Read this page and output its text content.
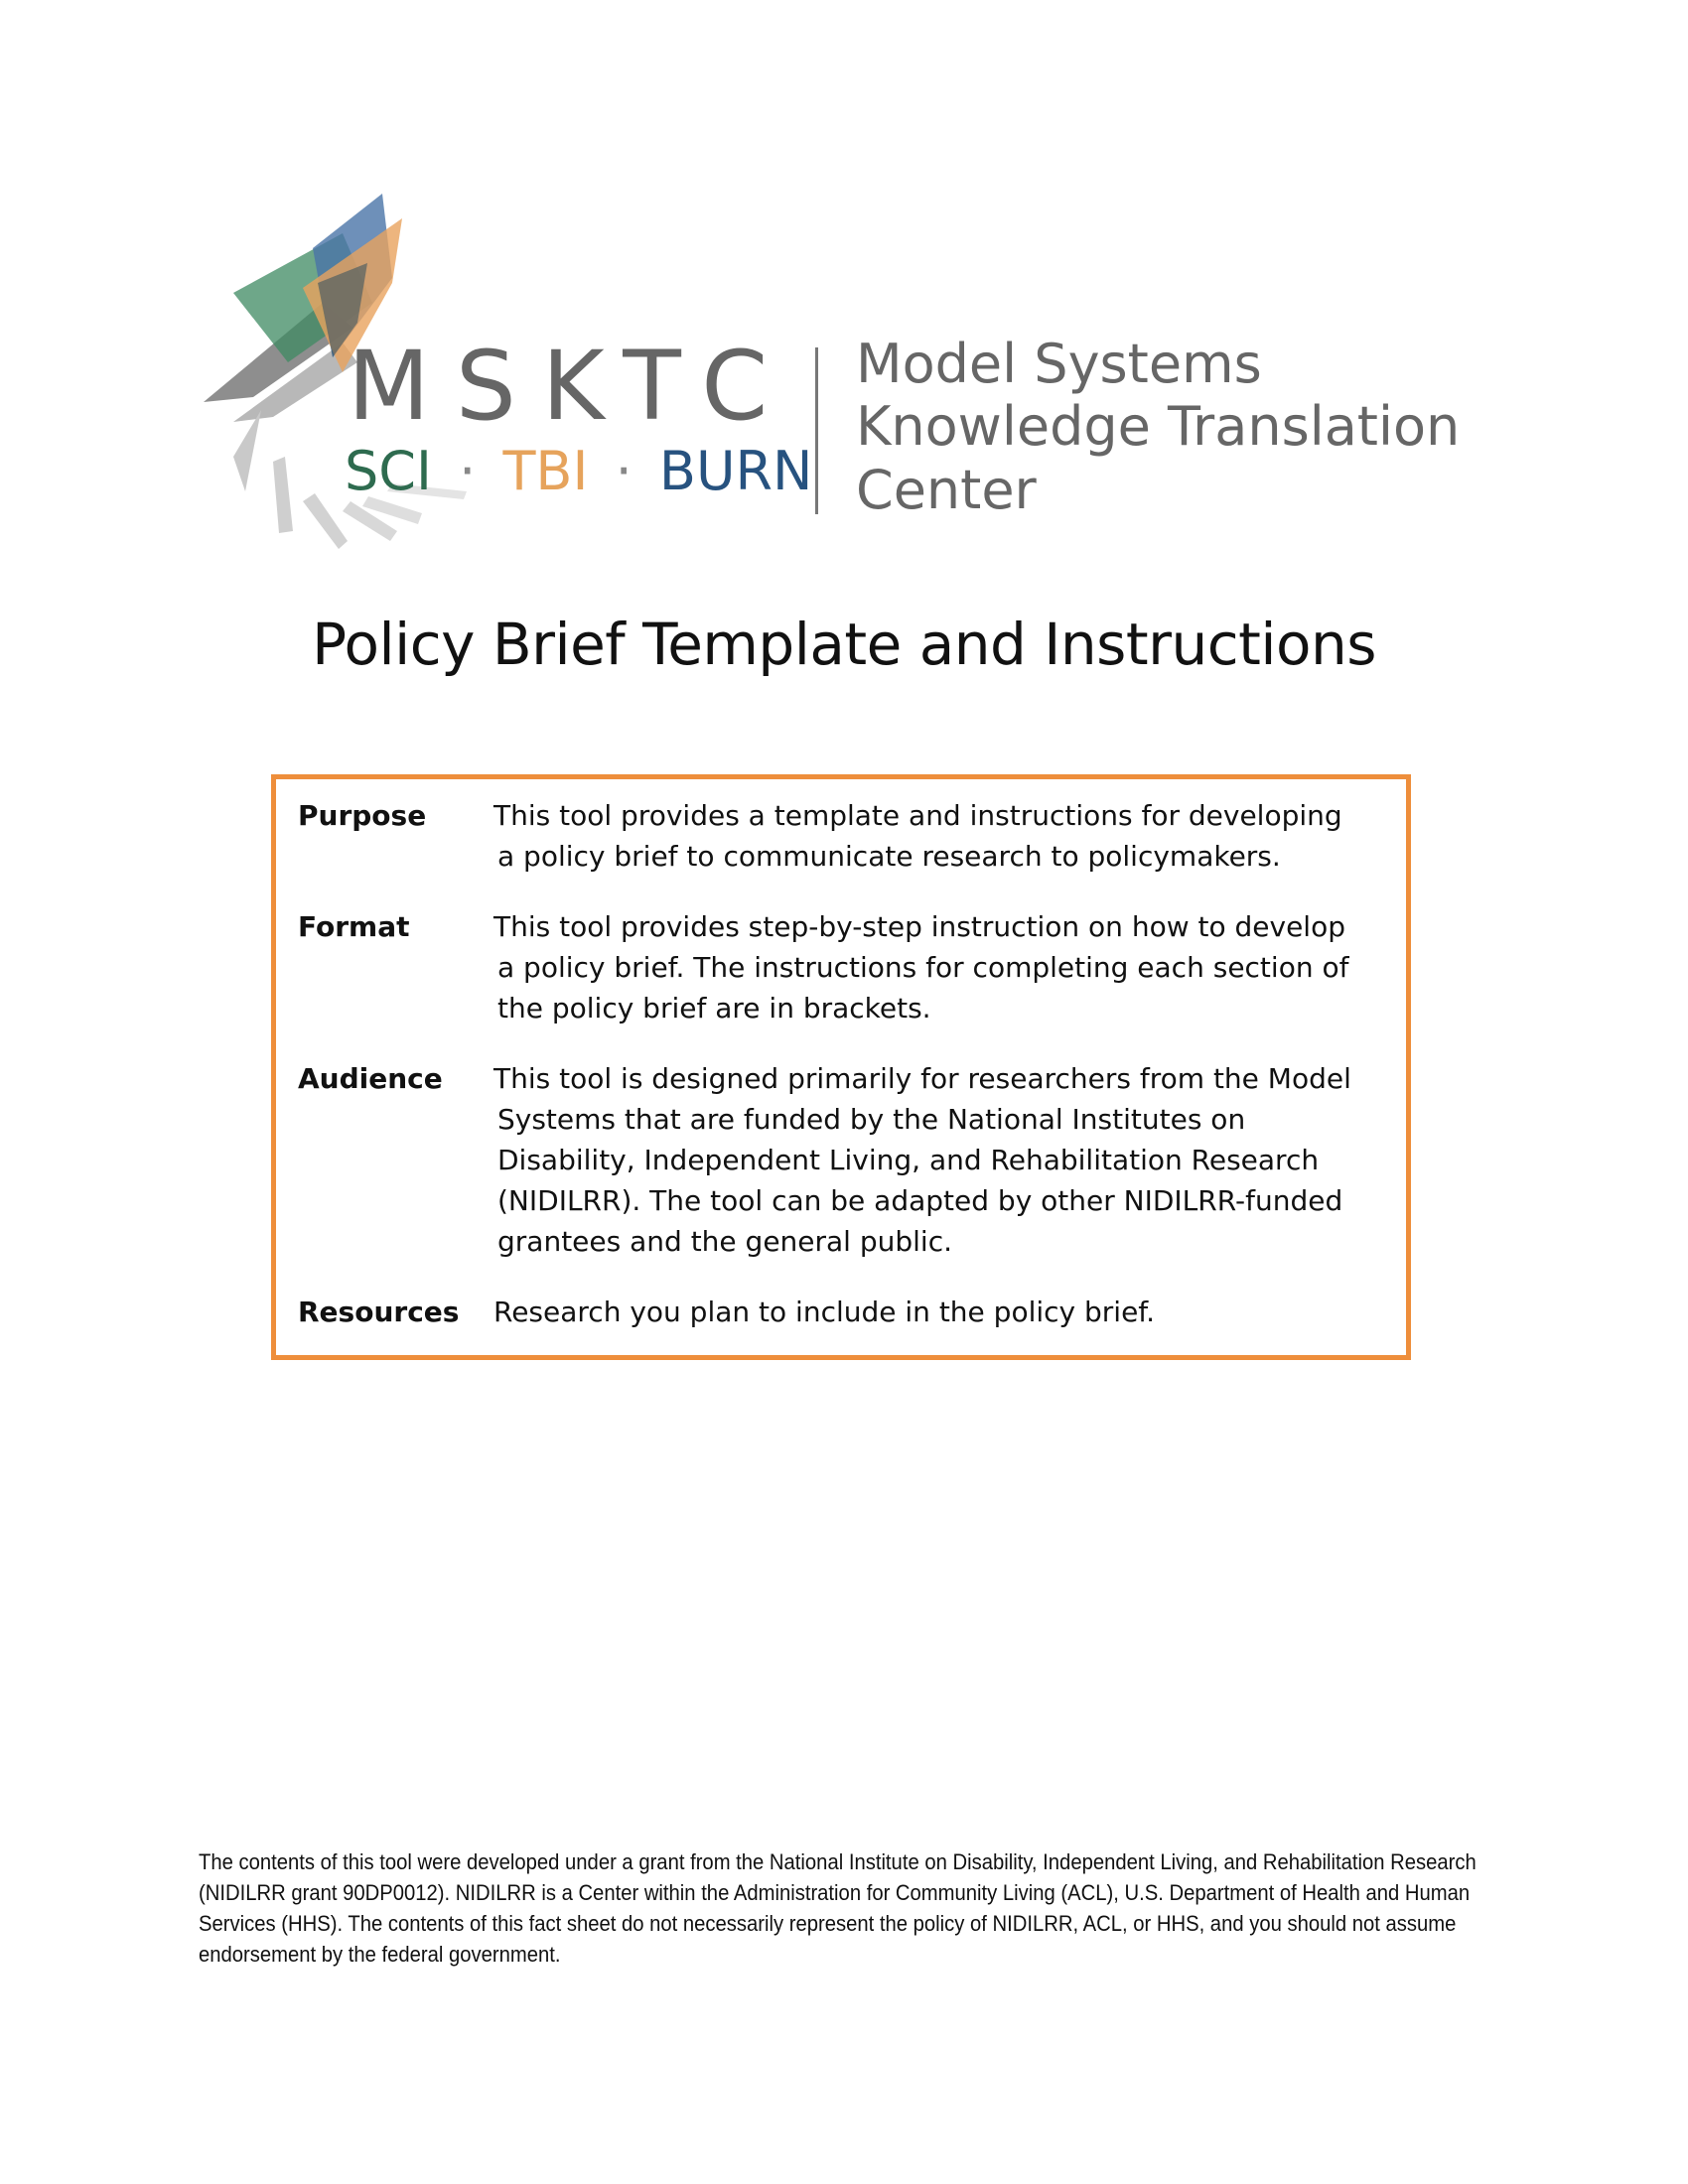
MSKTC
SCI · TBI · BURN
Model Systems
Knowledge Translation
Center
Policy Brief Template and Instructions
Purpose	This tool provides a template and instructions for developing a policy brief to communicate research to policymakers.
Format	This tool provides step-by-step instruction on how to develop a policy brief. The instructions for completing each section of the policy brief are in brackets.
Audience	This tool is designed primarily for researchers from the Model Systems that are funded by the National Institutes on Disability, Independent Living, and Rehabilitation Research (NIDILRR). The tool can be adapted by other NIDILRR-funded grantees and the general public.
Resources	Research you plan to include in the policy brief.

The contents of this tool were developed under a grant from the National Institute on Disability, Independent Living, and Rehabilitation Research (NIDILRR grant 90DP0012). NIDILRR is a Center within the Administration for Community Living (ACL), U.S. Department of Health and Human Services (HHS). The contents of this fact sheet do not necessarily represent the policy of NIDILRR, ACL, or HHS, and you should not assume endorsement by the federal government.
